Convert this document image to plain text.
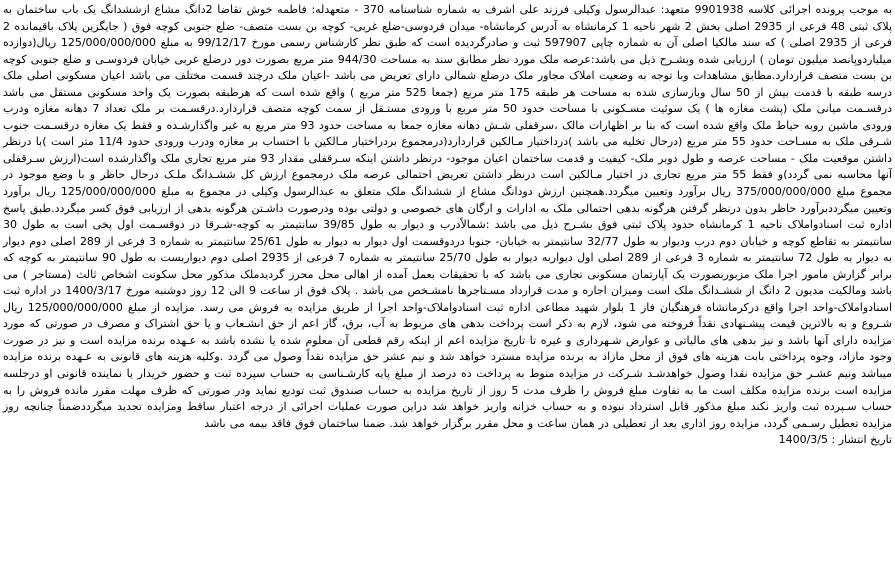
به موجب پرونده اجرائی کلاسه 9901938 متعهد: عبدالرسول وکیلی فرزند علی اشرف به شماره شناسنامه 370 - متعهدله: فاطمه خوش تقاضا 2دانگ مشاع ازششدانگ یک باب ساختمان به پلاک ثبتی 48 فرعی از 2935 اصلی بخش 2 شهر ناحیه 1 کرمانشاه به آدرس کرمانشاه- میدان فردوسی-ضلع غربی- کوچه بن بست متصف- ضلع جنوبی کوچه فوق ( جایگزین پلاک باقیمانده 2 فرعی از 2935 اصلی ) که سند مالکیا اصلی آن به شماره چاپی 597907 ثبت و صادرگردیده است که طبق نظر کارشناس رسمی مورخ 99/12/17 به مبلغ 125/000/000/000 ریال(دوازده میلیاردوپانصد میلیون تومان ) ارزیابی شده وبشـرح ذیل می باشد:عرصه ملک مورد نظر مطابق سند به مساحت 944/30 متر مربع بصورت دور درضلع غربی خیابان فردوسـی و ضلع جنوبی کوچه بن بست متصف قراردارد.مطابق مشاهدات وبا توجه به وضعیت املاک مجاور ملک درضلع شمالی دارای تعریض می باشد -اعیان ملک درچند قسمت مختلف می باشد اعیان مسکونی اصلی ملک درسه طبقه با قدمت بیش از 50 سال وبازسازی شده به مساحت هر طبقه 175 متر مربع (جمعا 525 متر مربع ) واقع شده است که هرطبقه بصورت یک واحد مسکونی مستقل می باشد درقسـمت میانی ملک (پشت مغازه ها ) یک سوئیت مسـکونی با مساحت حدود 50 متر مربع با ورودی مستـقل از سمت کوچه متصف قراردارد.درقسـمت بر ملک تعداد 7 دهانه مغازه ودرب ورودی ماشین روبه حیاط ملک واقع شده است که بنا بر اظهارات مالک ،سرقفلی شـش دهانه مغازه جمعا به مساحت حدود 93 متر مربع به غیر واگذارشـده و فقط یک مغازه درقسـمت جنوب شـرقی ملک به مسـاحت حدود 55 متر مربع (درحال تخلیه می باشد )درداختیار مـالکین قراردارد(درمجموع بردراختیار مـالکین با احتساب بر مغازه ودرب ورودی حدود 11/4 متر است )با درنظر داشتن موقعیت ملک - مساحت عرصه و طول دوبر ملک- کیفیت و قدمت ساختمان اعیان موجود- درنظر داشتن اینکه سـرقفلی مقدار 93 متر مربع تجاری ملک واگذارشده است(ارزش سـرقفلی آنها محاسبه نمی گردد)و فقط 55 متر مربع تجاری در اختیار مـالکین است درنظر داشتن تعریض احتمالی عرصه ملک درمجموع ارزش کل ششـدانگ ملـک درحال حاظر و با وضع موجود در مجموع مبلغ 375/000/000/000 ریال برآورد وتعیین میگردد.همچنین ارزش دودانگ مشاع از ششدانگ ملک متعلق به عبدالرسول وکیلی در مجموع به مبلغ 125/000/000/000 ریال برآورد وتعیین میگرددبرآورد حاظر بدون درنظر گرفتن هرگونه بدهی احتمالی ملک به ادارات و ارگان های خصوصی و دولتی بوده ودرصورت داشـتن هرگونه بدهی از ارزیابی فوق کسر میگردد.طبق پاسخ اداره ثبت اسنادواملاک ناحیه 1 کرمانشاه حدود پلاک ثبتی فوق بشـرح ذیل می باشد :شمالاًدرب و دیوار به طول 39/85 سانتیمتر به کوچه-شـرقا در دوقسـمت اول پخی است به طول 30 سانتیمتر به تقاطع کوچه و خیابان دوم درب ودیوار به طول 32/77 سانتیمتر به خیابان- جنوبا دردوقسمت اول دیوار به دیوار به طول 25/61 سانتیمتر به شماره 3 فرعی از 289 اصلی دوم دیوار به دیوار به طول 72 سانتیمتر به شماره 3 فرعی از 289 اصلی اول دیواربه دیوار به طول 25/70 سانتیمتر به شماره 7 فرعی از 2935 اصلی دوم دیواربست به طول 90 سانتیمتر به کوچه که برابر گزارش مامور اجرا ملک مزبوربصورت یک آپارتمان مسکونی تجاری می باشد که با تحقیقات بعمل آمده از اهالی محل محرز گردیدملک مذکور محل سکونت اشخاص ثالث (مستاجر ) می باشد ومالکیت مدیون 2 دانگ از ششـدانگ ملک است ومیزان اجاره و مدت قرارداد مسـتاجرها نامشـخص می باشد . پلاک فوق از ساعت 9 الی 12 روز دوشنبه مورخ 1400/3/17 در اداره ثبت اسنادواملاک-واحد اجرا واقع درکرمانشاه فرهنگیان فاز 1 بلوار شهید مطاعی اداره ثبت اسنادواملاک-واحد اجرا از طریق مزایده به فروش می رسد. مزایده از مبلغ 125/000/000/000 ریال شـروع و به بالاترین قیمت پیشـنهادی نقداً فروخته می شود، لازم به ذکر است پرداخت بدهی های مربوط به آب، برق، گاز اعم از حق انشـعاب و یا حق اشتراک و مصرف در صورتی که مورد مزایده دارای آنها باشد و نیز بدهی های مالیاتی و عوارض شـهرداری و غیره تا تاریخ مزایده اعم از اینکه رقم قطعی آن معلوم شده یا نشده باشد به عـهده برنده مزایده است و نیز در صورت وجود مازاد، وجوه پرداختی بابت هزینه های فوق از محل مازاد به برنده مزایده مسترد خواهد شد و نیم عشر حق مزایده نقداً وصول می گردد .وکلیه هزینه های قانونی به عـهده برنده مزایده میباشد ونیم عشـر حق مزایده نقدا وصول خواهدشـد شـرکت در مزایده منوط به پرداخت ده درصد از مبلغ پایه کارشـناسی به حساب سپرده ثبت و حضور خریدار یا نماینده قانونی او درجلسه مزایده است برنده مزایده مکلف است ما به تفاوت مبلغ فروش را ظرف مدت 5 روز از تاریخ مزایده به حساب صندوق ثبت تودیع نماید ودر صورتی که ظرف مهلت مقرر مانده فروش را به حساب سـپرده ثبت واریز نکند مبلغ مذکور قابل استرداد نبوده و به حساب خزانه واریز خواهد شد دراین صورت عملیات اجرائی از درجه اعتبار ساقط ومزایده تجدید میگرددضمناً چنانچه روز مزایده تعطیل رسـمی گردد، مزایده روز اداری بعد از تعطیلی در همان ساعت و محل مقرر برگزار خواهد شد. ضمنا ساختمان فوق فاقد بیمه می باشد

تاریخ انتشار : 1400/3/5
